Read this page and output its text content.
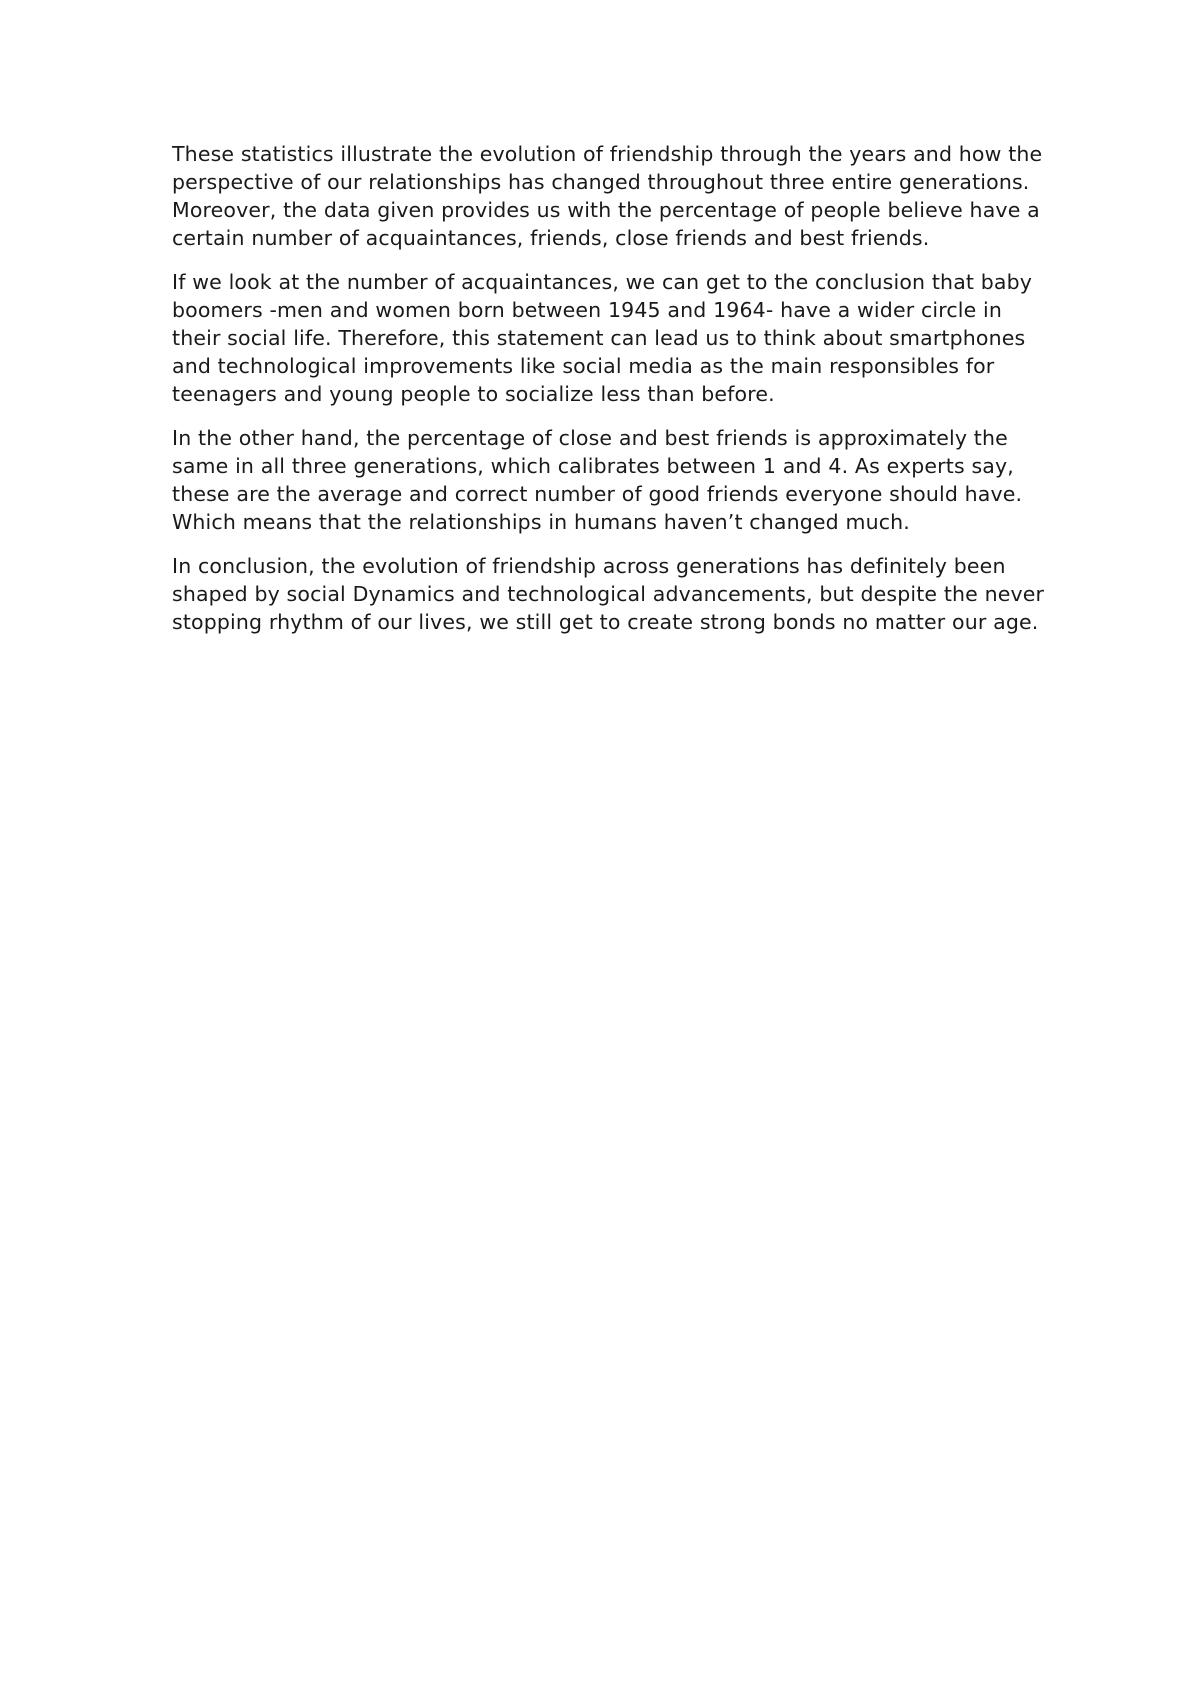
These statistics illustrate the evolution of friendship through the years and how the perspective of our relationships has changed throughout three entire generations. Moreover, the data given provides us with the percentage of people believe have a certain number of acquaintances, friends, close friends and best friends.

If we look at the number of acquaintances, we can get to the conclusion that baby boomers -men and women born between 1945 and 1964- have a wider circle in their social life. Therefore, this statement can lead us to think about smartphones and technological improvements like social media as the main responsibles for teenagers and young people to socialize less than before.

In the other hand, the percentage of close and best friends is approximately the same in all three generations, which calibrates between 1 and 4. As experts say, these are the average and correct number of good friends everyone should have. Which means that the relationships in humans haven’t changed much.

In conclusion, the evolution of friendship across generations has definitely been shaped by social Dynamics and technological advancements, but despite the never stopping rhythm of our lives, we still get to create strong bonds no matter our age.
